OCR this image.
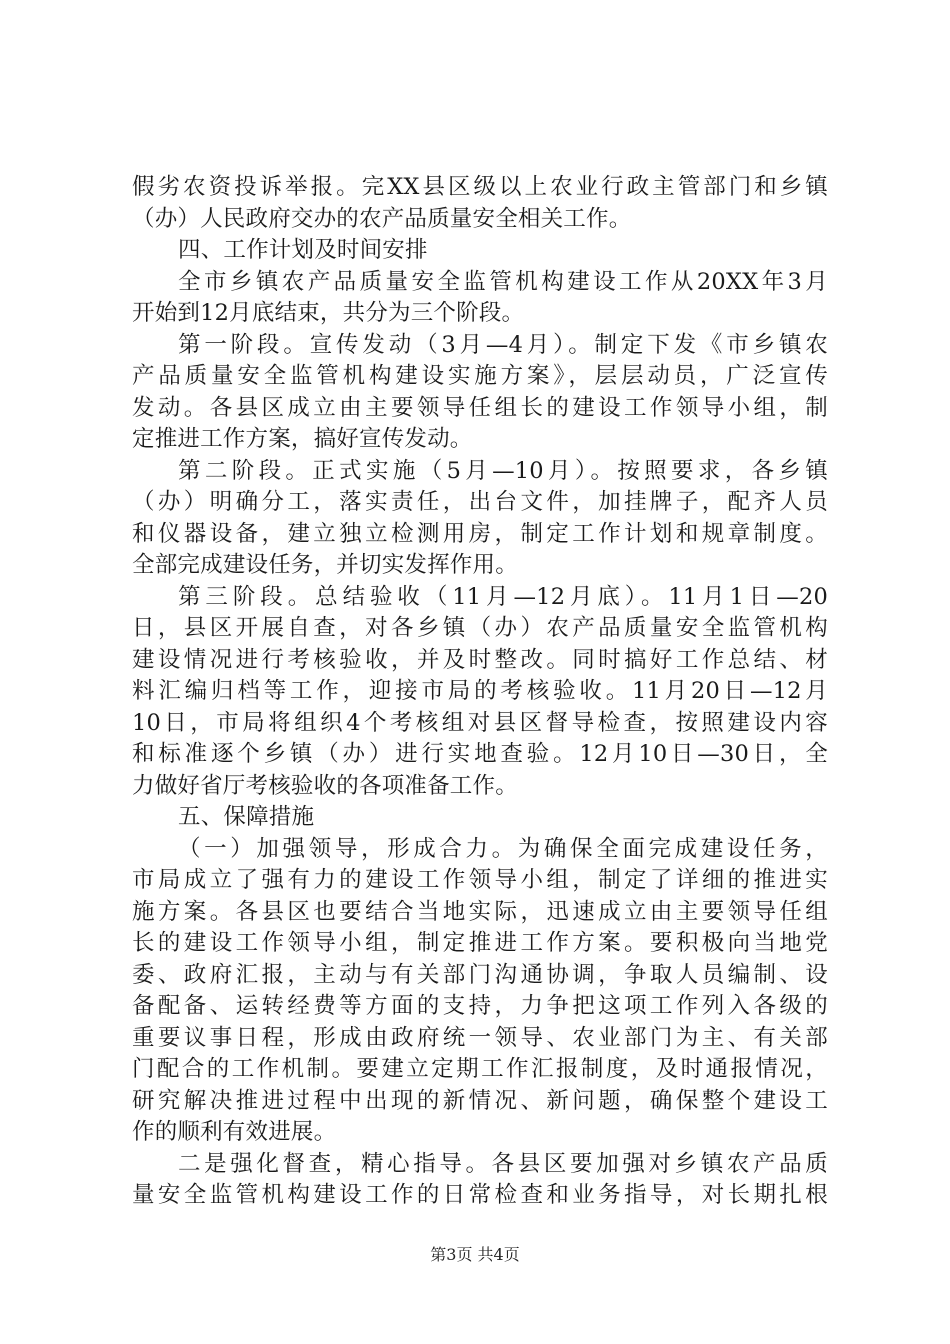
假劣农资投诉举报。完XX县区级以上农业行政主管部门和乡镇
（办）人民政府交办的农产品质量安全相关工作。
四、工作计划及时间安排
全市乡镇农产品质量安全监管机构建设工作从20XX年3月
开始到12月底结束，共分为三个阶段。
第一阶段。宣传发动（3月—4月）。制定下发《市乡镇农
产品质量安全监管机构建设实施方案》，层层动员，广泛宣传
发动。各县区成立由主要领导任组长的建设工作领导小组，制
定推进工作方案，搞好宣传发动。
第二阶段。正式实施（5月—10月）。按照要求，各乡镇
（办）明确分工，落实责任，出台文件，加挂牌子，配齐人员
和仪器设备，建立独立检测用房，制定工作计划和规章制度。
全部完成建设任务，并切实发挥作用。
第三阶段。总结验收（11月—12月底）。11月1日—20
日，县区开展自查，对各乡镇（办）农产品质量安全监管机构
建设情况进行考核验收，并及时整改。同时搞好工作总结、材
料汇编归档等工作，迎接市局的考核验收。11月20日—12月
10日，市局将组织4个考核组对县区督导检查，按照建设内容
和标准逐个乡镇（办）进行实地查验。12月10日—30日，全
力做好省厅考核验收的各项准备工作。
五、保障措施
（一）加强领导，形成合力。为确保全面完成建设任务，
市局成立了强有力的建设工作领导小组，制定了详细的推进实
施方案。各县区也要结合当地实际，迅速成立由主要领导任组
长的建设工作领导小组，制定推进工作方案。要积极向当地党
委、政府汇报，主动与有关部门沟通协调，争取人员编制、设
备配备、运转经费等方面的支持，力争把这项工作列入各级的
重要议事日程，形成由政府统一领导、农业部门为主、有关部
门配合的工作机制。要建立定期工作汇报制度，及时通报情况，
研究解决推进过程中出现的新情况、新问题，确保整个建设工
作的顺利有效进展。
二是强化督查，精心指导。各县区要加强对乡镇农产品质
量安全监管机构建设工作的日常检查和业务指导，对长期扎根
第3页 共4页
